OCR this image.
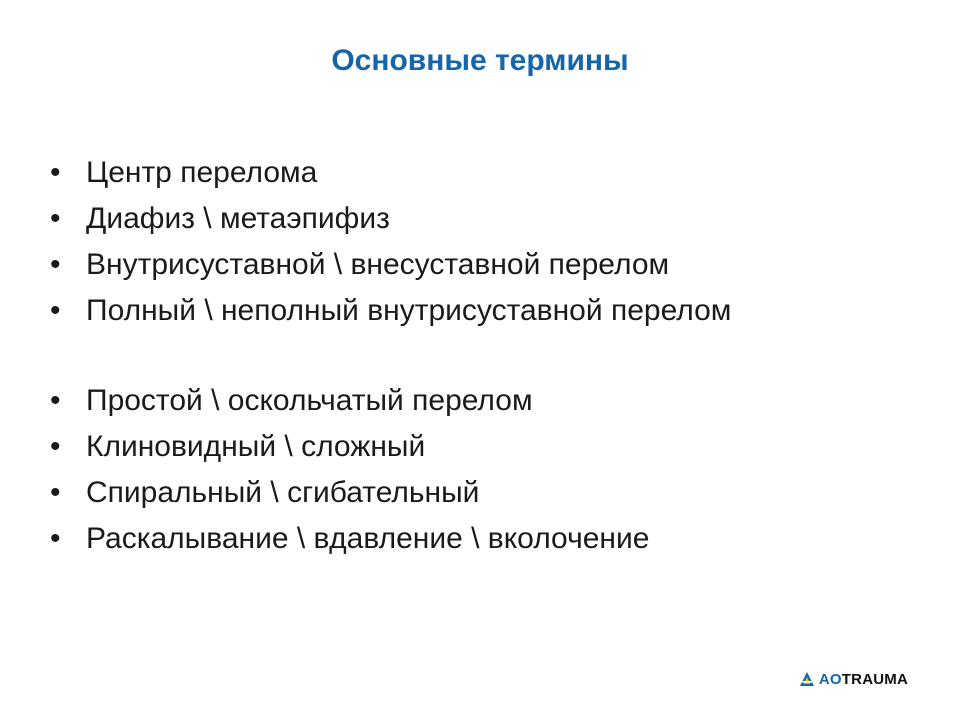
Основные термины
• Центр перелома
• Диафиз \ метаэпифиз
• Внутрисуставной \ внесуставной перелом
• Полный \ неполный внутрисуставной перелом
• Простой \ оскольчатый перелом
• Клиновидный \ сложный
• Спиральный \ сгибательный
• Раскалывание \ вдавление \ вколочение
AOTRAUMA
